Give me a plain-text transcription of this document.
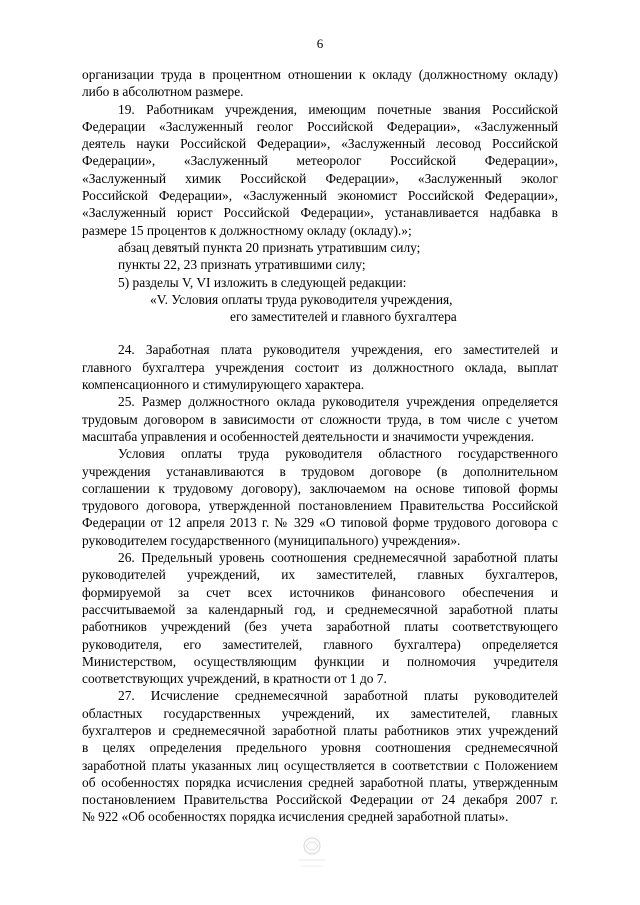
6
организации труда в процентном отношении к окладу (должностному окладу)
либо в абсолютном размере.
19. Работникам учреждения, имеющим почетные звания Российской
Федерации «Заслуженный геолог Российской Федерации», «Заслуженный
деятель науки Российской Федерации», «Заслуженный лесовод Российской
Федерации», «Заслуженный метеоролог Российской Федерации»,
«Заслуженный химик Российской Федерации», «Заслуженный эколог
Российской Федерации», «Заслуженный экономист Российской Федерации»,
«Заслуженный юрист Российской Федерации», устанавливается надбавка в
размере 15 процентов к должностному окладу (окладу).»;
абзац девятый пункта 20 признать утратившим силу;
пункты 22, 23 признать утратившими силу;
5) разделы V, VI изложить в следующей редакции:
«V. Условия оплаты труда руководителя учреждения,
его заместителей и главного бухгалтера
24. Заработная плата руководителя учреждения, его заместителей и
главного бухгалтера учреждения состоит из должностного оклада, выплат
компенсационного и стимулирующего характера.
25. Размер должностного оклада руководителя учреждения определяется
трудовым договором в зависимости от сложности труда, в том числе с учетом
масштаба управления и особенностей деятельности и значимости учреждения.
Условия оплаты труда руководителя областного государственного
учреждения устанавливаются в трудовом договоре (в дополнительном
соглашении к трудовому договору), заключаемом на основе типовой формы
трудового договора, утвержденной постановлением Правительства Российской
Федерации от 12 апреля 2013 г. № 329 «О типовой форме трудового договора с
руководителем государственного (муниципального) учреждения».
26. Предельный уровень соотношения среднемесячной заработной платы
руководителей учреждений, их заместителей, главных бухгалтеров,
формируемой за счет всех источников финансового обеспечения и
рассчитываемой за календарный год, и среднемесячной заработной платы
работников учреждений (без учета заработной платы соответствующего
руководителя, его заместителей, главного бухгалтера) определяется
Министерством, осуществляющим функции и полномочия учредителя
соответствующих учреждений, в кратности от 1 до 7.
27. Исчисление среднемесячной заработной платы руководителей
областных государственных учреждений, их заместителей, главных
бухгалтеров и среднемесячной заработной платы работников этих учреждений
в целях определения предельного уровня соотношения среднемесячной
заработной платы указанных лиц осуществляется в соответствии с Положением
об особенностях порядка исчисления средней заработной платы, утвержденным
постановлением Правительства Российской Федерации от 24 декабря 2007 г.
№ 922 «Об особенностях порядка исчисления средней заработной платы».
